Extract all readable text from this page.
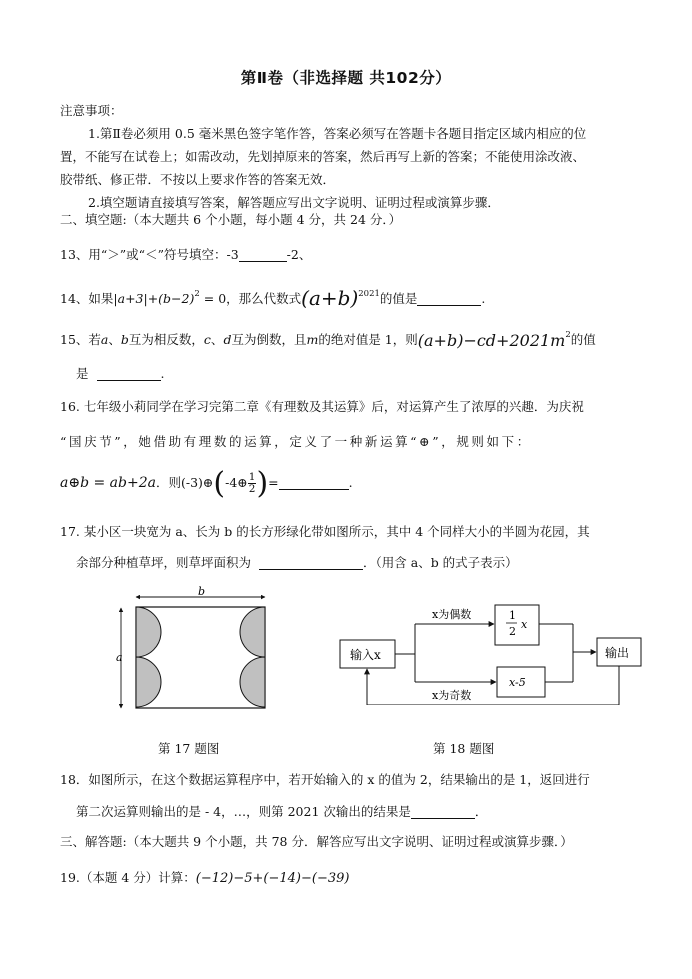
第Ⅱ卷（非选择题 共102分）
注意事项：
1.第Ⅱ卷必须用 0.5 毫米黑色签字笔作答，答案必须写在答题卡各题目指定区域内相应的位
置，不能写在试卷上；如需改动，先划掉原来的答案，然后再写上新的答案；不能使用涂改液、
胶带纸、修正带．不按以上要求作答的答案无效．
2.填空题请直接填写答案，解答题应写出文字说明、证明过程或演算步骤．
二、填空题:（本大题共 6 个小题，每小题 4 分，共 24 分．）
13、用“＞”或“＜”符号填空：-3	-2、
14、如果$|a+3|+(b-2)^2 = 0$，那么代数式$(a+b)^{2021}$的值是	.
15、若a、b互为相反数，c、d互为倒数，且m的绝对值是 1，则$(a+b)-cd+2021m^2$的值
是	.
16. 七年级小莉同学在学习完第二章《有理数及其运算》后，对运算产生了浓厚的兴趣．为庆祝
“国庆节”，她借助有理数的运算，定义了一种新运算“⊕”，规则如下：
a⊕b = ab+2a．则(-3)⊕(-4⊕ $\frac{1}{2}$ )=	.
17. 某小区一块宽为 a、长为 b 的长方形绿化带如图所示，其中 4 个同样大小的半圆为花园，其
余部分种植草坪，则草坪面积为	．（用含 a、b 的式子表示）
b
a
第 17 题图
输入x	输出
1
2
x
x-5
x为偶数
x为奇数
第 18 题图
18．如图所示，在这个数据运算程序中，若开始输入的 x 的值为 2，结果输出的是 1，返回进行
第二次运算则输出的是 - 4，…，则第 2021 次输出的结果是	．
三、解答题:（本大题共 9 个小题，共 78 分．解答应写出文字说明、证明过程或演算步骤．）
19.（本题 4 分）计算：(−12)−5+(−14)−(−39)
